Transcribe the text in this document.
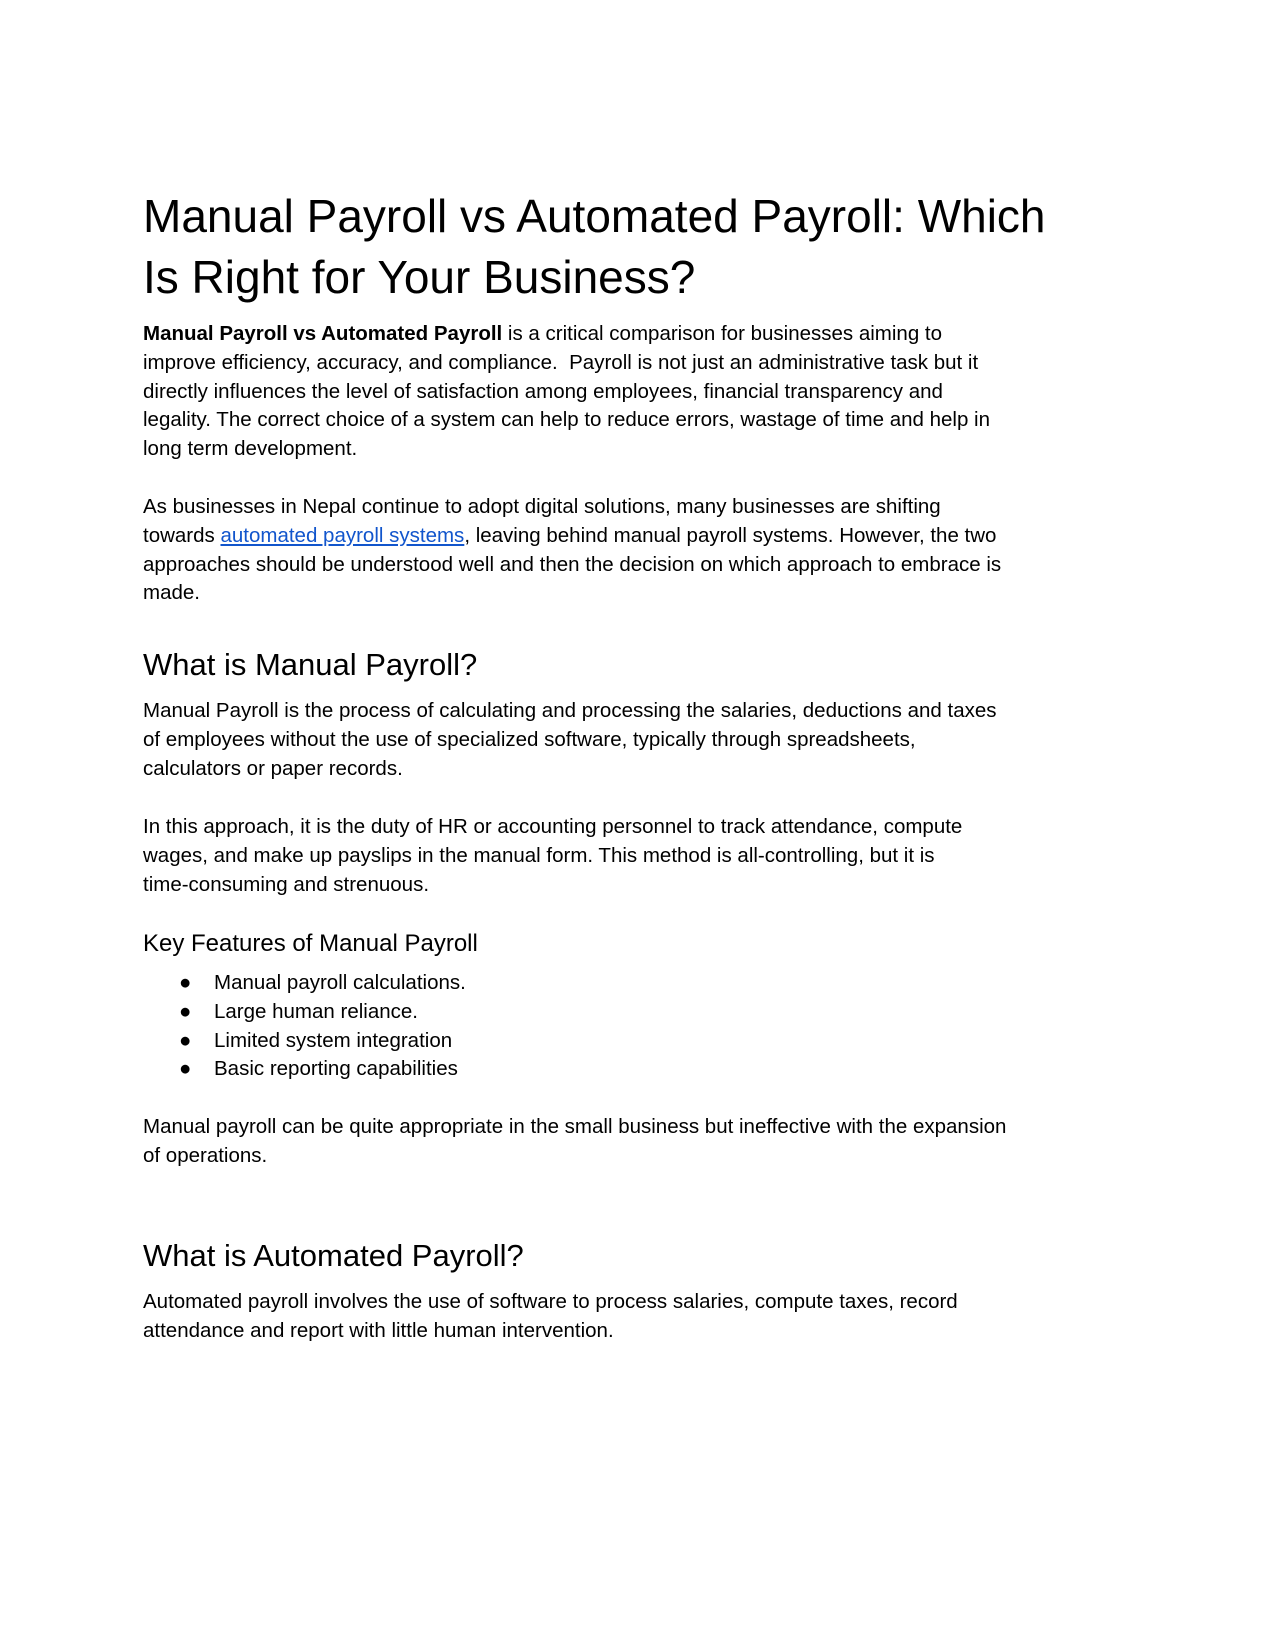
Manual Payroll vs Automated Payroll: Which
Is Right for Your Business?
Manual Payroll vs Automated Payroll is a critical comparison for businesses aiming to
improve efficiency, accuracy, and compliance.  Payroll is not just an administrative task but it
directly influences the level of satisfaction among employees, financial transparency and
legality. The correct choice of a system can help to reduce errors, wastage of time and help in
long term development.
As businesses in Nepal continue to adopt digital solutions, many businesses are shifting
towards automated payroll systems, leaving behind manual payroll systems. However, the two
approaches should be understood well and then the decision on which approach to embrace is
made.
What is Manual Payroll?
Manual Payroll is the process of calculating and processing the salaries, deductions and taxes
of employees without the use of specialized software, typically through spreadsheets,
calculators or paper records.
In this approach, it is the duty of HR or accounting personnel to track attendance, compute
wages, and make up payslips in the manual form. This method is all-controlling, but it is
time-consuming and strenuous.
Key Features of Manual Payroll
● Manual payroll calculations.
● Large human reliance.
● Limited system integration
● Basic reporting capabilities
Manual payroll can be quite appropriate in the small business but ineffective with the expansion
of operations.
What is Automated Payroll?
Automated payroll involves the use of software to process salaries, compute taxes, record
attendance and report with little human intervention.
